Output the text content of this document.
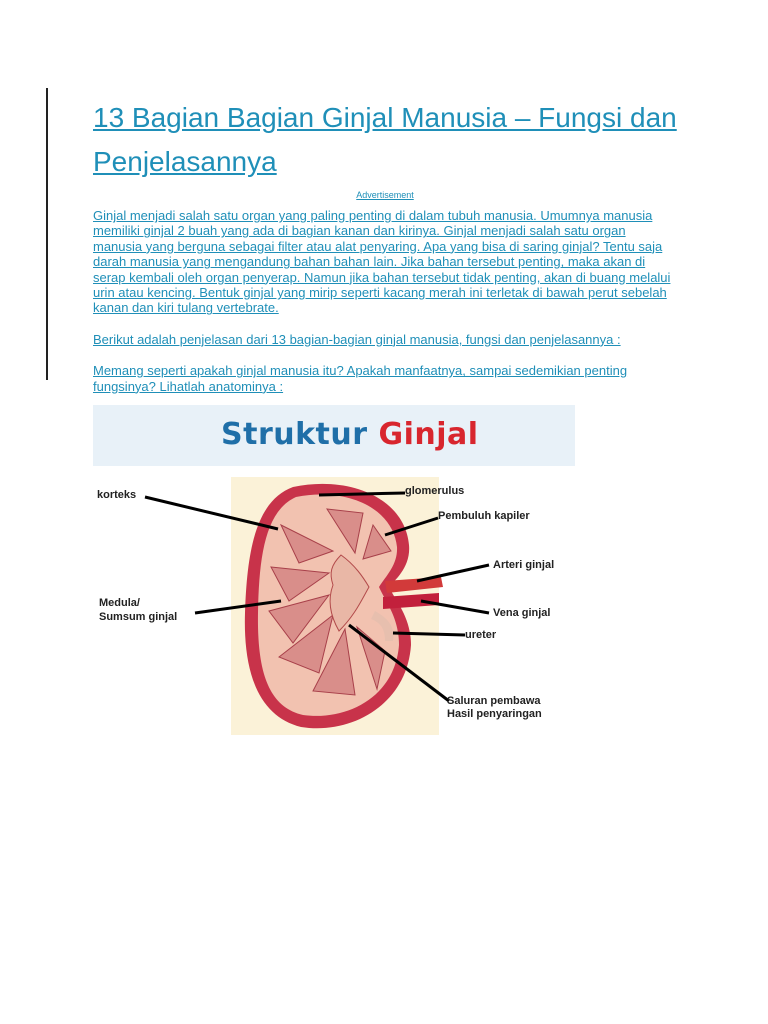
13 Bagian Bagian Ginjal Manusia – Fungsi dan Penjelasannya
Advertisement

Ginjal menjadi salah satu organ yang paling penting di dalam tubuh manusia. Umumnya manusia memiliki ginjal 2 buah yang ada di bagian kanan dan kirinya. Ginjal menjadi salah satu organ manusia yang berguna sebagai filter atau alat penyaring. Apa yang bisa di saring ginjal? Tentu saja darah manusia yang mengandung bahan bahan lain. Jika bahan tersebut penting, maka akan di serap kembali oleh organ penyerap. Namun jika bahan tersebut tidak penting, akan di buang melalui urin atau kencing. Bentuk ginjal yang mirip seperti kacang merah ini terletak di bawah perut sebelah kanan dan kiri tulang vertebrate.

Berikut adalah penjelasan dari 13 bagian-bagian ginjal manusia, fungsi dan penjelasannya :

Memang seperti apakah ginjal manusia itu? Apakah manfaatnya, sampai sedemikian penting fungsinya? Lihatlah anatominya :

Struktur Ginjal
korteks	glomerulus
Pembuluh kapiler
Arteri ginjal
Medula/
Sumsum ginjal	Vena ginjal
ureter
Saluran pembawa
Hasil penyaringan
